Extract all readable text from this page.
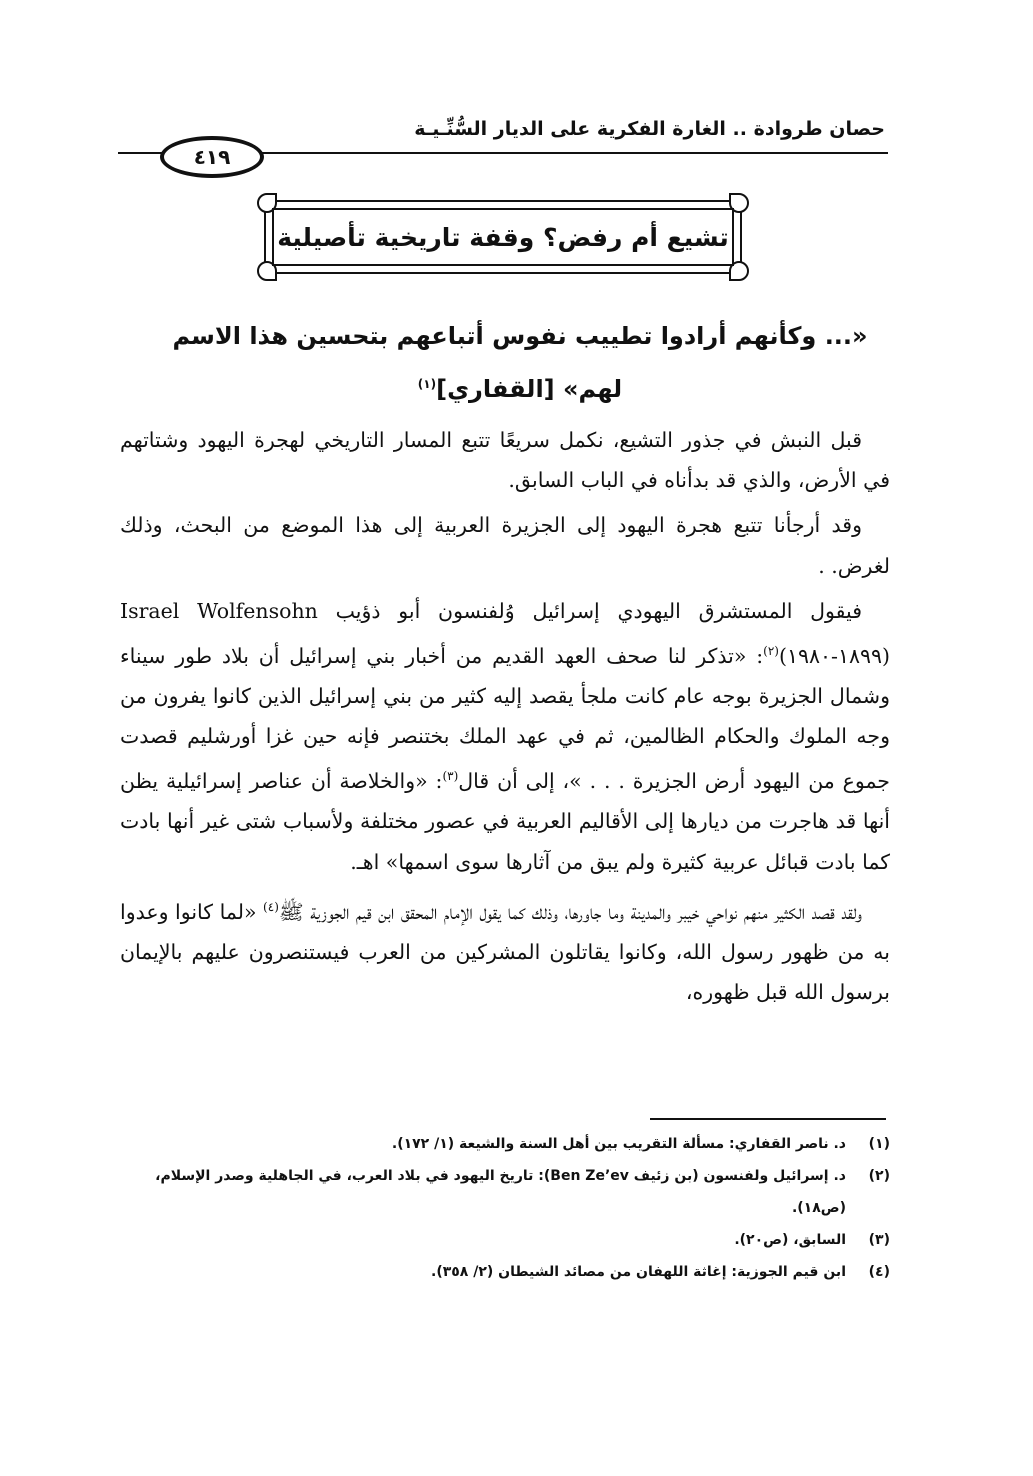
حصان طروادة .. الغارة الفكرية على الديار السُّنِّـيـة
٤١٩
تشيع أم رفض؟ وقفة تاريخية تأصيلية
«... وكأنهم أرادوا تطييب نفوس أتباعهم بتحسين هذا الاسم
لهم» [القفاري]$^{(١)}$

قبل النبش في جذور التشيع، نكمل سريعًا تتبع المسار التاريخي لهجرة اليهود وشتاتهم في الأرض، والذي قد بدأناه في الباب السابق.

وقد أرجأنا تتبع هجرة اليهود إلى الجزيرة العربية إلى هذا الموضع من البحث، وذلك لغرض. .

فيقول المستشرق اليهودي إسرائيل وُلفنسون أبو ذؤيب Israel Wolfensohn (١٨٩٩-١٩٨٠)$^{(٢)}$: «تذكر لنا صحف العهد القديم من أخبار بني إسرائيل أن بلاد طور سيناء وشمال الجزيرة بوجه عام كانت ملجأ يقصد إليه كثير من بني إسرائيل الذين كانوا يفرون من وجه الملوك والحكام الظالمين، ثم في عهد الملك بختنصر فإنه حين غزا أورشليم قصدت جموع من اليهود أرض الجزيرة . . . »، إلى أن قال$^{(٣)}$: «والخلاصة أن عناصر إسرائيلية يظن أنها قد هاجرت من ديارها إلى الأقاليم العربية في عصور مختلفة ولأسباب شتى غير أنها بادت كما بادت قبائل عربية كثيرة ولم يبق من آثارها سوى اسمها» اهـ.

ولقد قصد الكثير منهم نواحي خيبر والمدينة وما جاورها، وذلك كما يقول الإمام المحقق ابن قيم الجوزية ﷺ$^{(٤)}$ «لما كانوا وعدوا به من ظهور رسول الله، وكانوا يقاتلون المشركين من العرب فيستنصرون عليهم بالإيمان برسول الله قبل ظهوره،

(١)
د. ناصر القفاري: مسألة التقريب بين أهل السنة والشيعة (١/ ١٧٢).
(٢)
د. إسرائيل ولفنسون (بن زئيف Ben Ze’ev): تاريخ اليهود في بلاد العرب، في الجاهلية وصدر الإسلام، (ص١٨).
(٣)
السابق، (ص٢٠).
(٤)
ابن قيم الجوزية: إغاثة اللهفان من مصائد الشيطان (٢/ ٣٥٨).
